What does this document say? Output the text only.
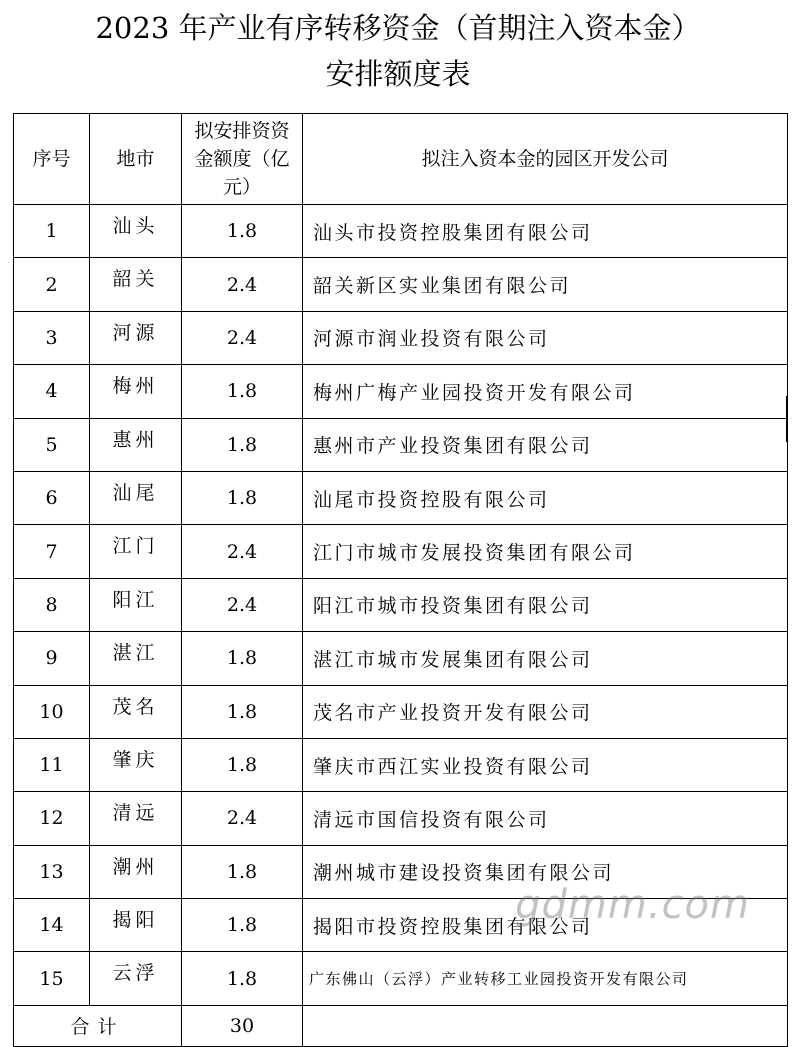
2023 年产业有序转移资金（首期注入资本金）
安排额度表
序号	地市	拟安排资资金额度（亿元）	拟注入资本金的园区开发公司
1	汕头	1.8	汕头市投资控股集团有限公司
2	韶关	2.4	韶关新区实业集团有限公司
3	河源	2.4	河源市润业投资有限公司
4	梅州	1.8	梅州广梅产业园投资开发有限公司
5	惠州	1.8	惠州市产业投资集团有限公司
6	汕尾	1.8	汕尾市投资控股有限公司
7	江门	2.4	江门市城市发展投资集团有限公司
8	阳江	2.4	阳江市城市投资集团有限公司
9	湛江	1.8	湛江市城市发展集团有限公司
10	茂名	1.8	茂名市产业投资开发有限公司
11	肇庆	1.8	肇庆市西江实业投资有限公司
12	清远	2.4	清远市国信投资有限公司
13	潮州	1.8	潮州城市建设投资集团有限公司
14	揭阳	1.8	揭阳市投资控股集团有限公司
15	云浮	1.8	广东佛山（云浮）产业转移工业园投资开发有限公司
合计		30	
gdmm.com
